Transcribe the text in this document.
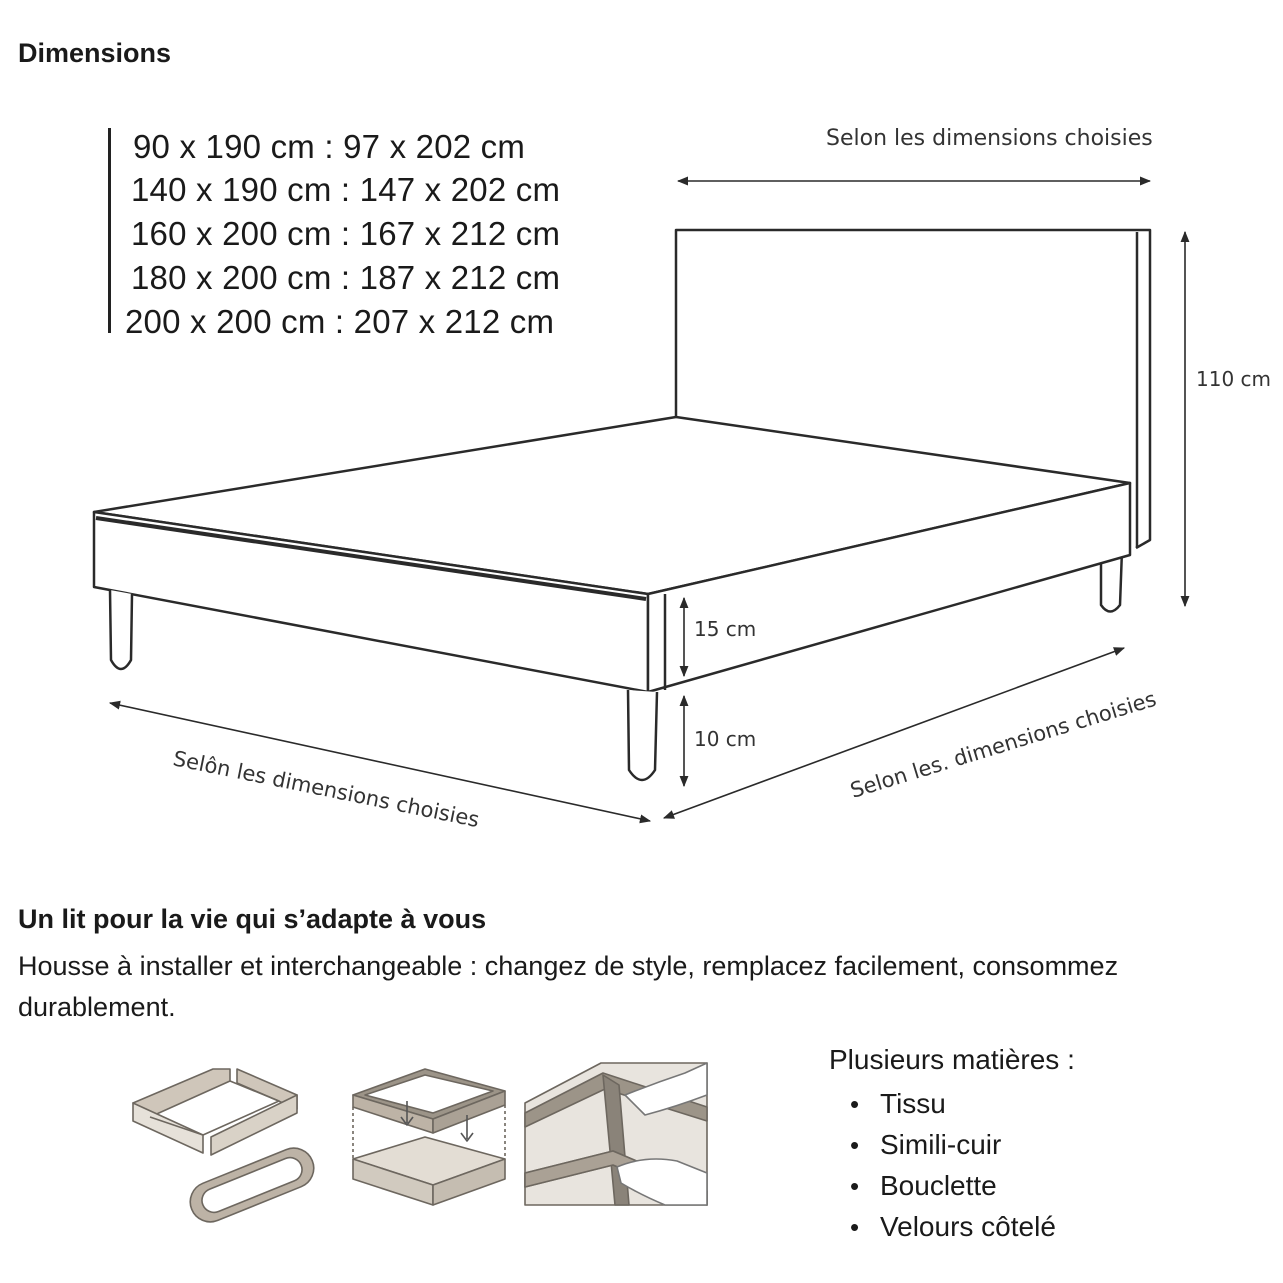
Dimensions
90 x 190 cm : 97 x 202 cm
140 x 190 cm : 147 x 202 cm
160 x 200 cm : 167 x 212 cm
180 x 200 cm : 187 x 212 cm
200 x 200 cm : 207 x 212 cm
Selon les dimensions choisies
110 cm
15 cm
10 cm
Selôn les dimensions choisies	Selon les. dimensions choisies
Un lit pour la vie qui s’adapte à vous
Housse à installer et interchangeable : changez de style, remplacez facilement, consommez durablement.
Plusieurs matières :
• Tissu
• Simili-cuir
• Bouclette
• Velours côtelé
